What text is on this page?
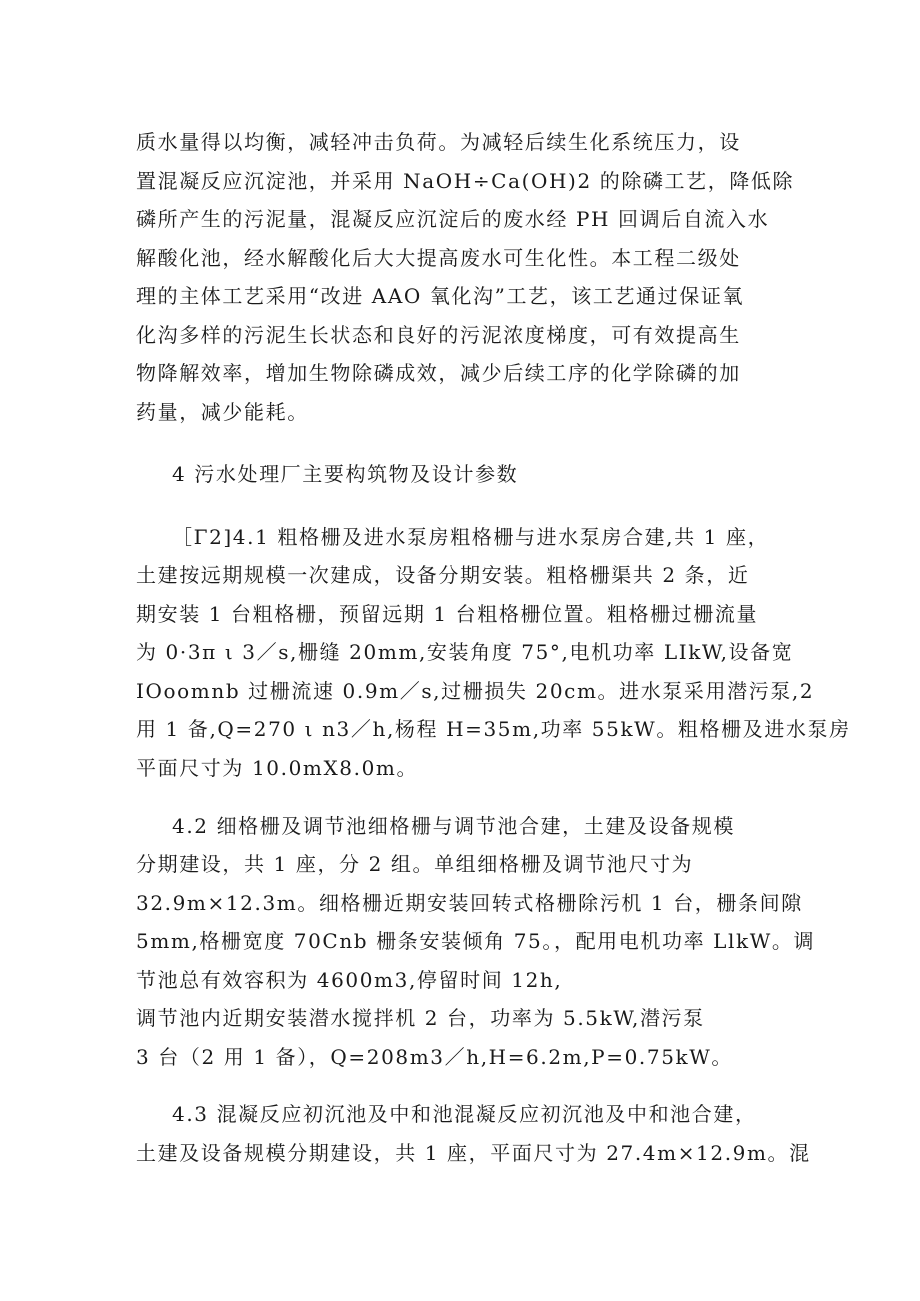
质水量得以均衡，减轻冲击负荷。为减轻后续生化系统压力，设
置混凝反应沉淀池，并采用 NaOH÷Ca(OH)2 的除磷工艺，降低除
磷所产生的污泥量，混凝反应沉淀后的废水经 PH 回调后自流入水
解酸化池，经水解酸化后大大提高废水可生化性。本工程二级处
理的主体工艺采用“改进 AAO 氧化沟”工艺，该工艺通过保证氧
化沟多样的污泥生长状态和良好的污泥浓度梯度，可有效提高生
物降解效率，增加生物除磷成效，减少后续工序的化学除磷的加
药量，减少能耗。
4 污水处理厂主要构筑物及设计参数
［Γ2]4.1 粗格栅及进水泵房粗格栅与进水泵房合建,共 1 座，
土建按远期规模一次建成，设备分期安装。粗格栅渠共 2 条，近
期安装 1 台粗格栅，预留远期 1 台粗格栅位置。粗格栅过栅流量
为 0·3π ι 3／s,栅缝 20mm,安装角度 75°,电机功率 LIkW,设备宽
IOoomnb 过栅流速 0.9m／s,过栅损失 20cm。进水泵采用潜污泵,2
用 1 备,Q=270 ι n3／h,杨程 H=35m,功率 55kW。粗格栅及进水泵房
平面尺寸为 10.0mX8.0m。
4.2 细格栅及调节池细格栅与调节池合建，土建及设备规模
分期建设，共 1 座，分 2 组。单组细格栅及调节池尺寸为
32.9m×12.3m。细格栅近期安装回转式格栅除污机 1 台，栅条间隙
5mm,格栅宽度 70Cnb 栅条安装倾角 75。，配用电机功率 LlkW。调
节池总有效容积为 4600m3,停留时间 12h,
调节池内近期安装潜水搅拌机 2 台，功率为 5.5kW,潜污泵
3 台（2 用 1 备），Q=208m3／h,H=6.2m,P=0.75kW。
4.3 混凝反应初沉池及中和池混凝反应初沉池及中和池合建，
土建及设备规模分期建设，共 1 座，平面尺寸为 27.4m×12.9m。混
